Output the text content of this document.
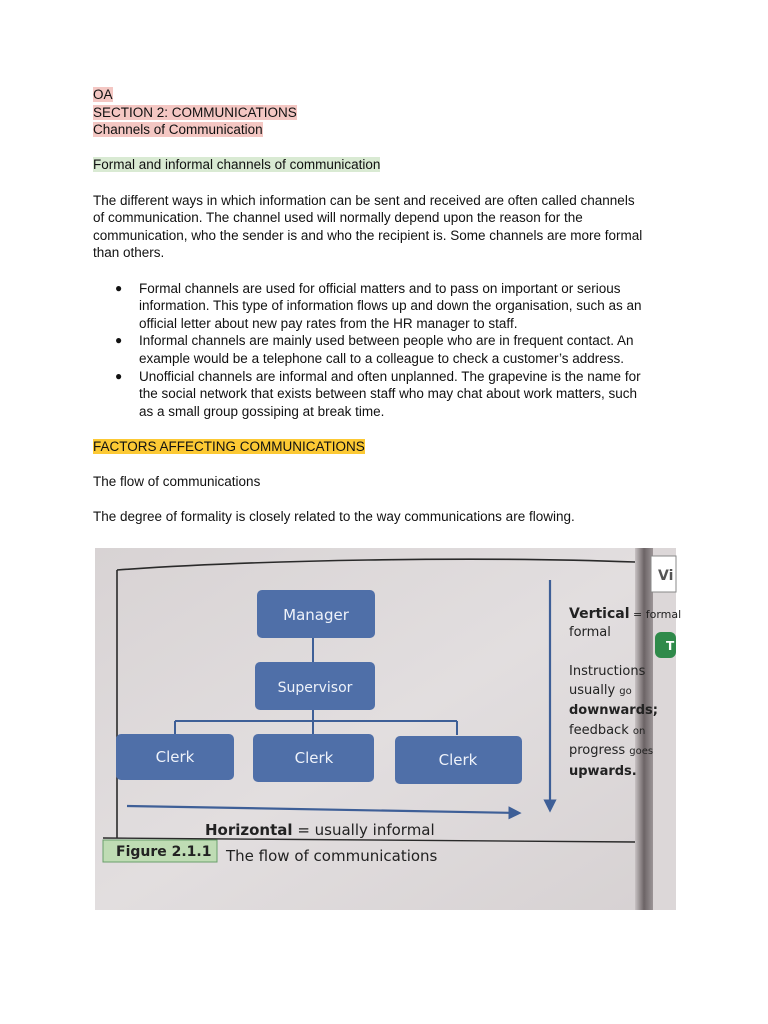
OA
SECTION 2: COMMUNICATIONS
Channels of Communication
Formal and informal channels of communication

The different ways in which information can be sent and received are often called channels
of communication. The channel used will normally depend upon the reason for the
communication, who the sender is and who the recipient is. Some channels are more formal
than others.

● Formal channels are used for official matters and to pass on important or serious
information. This type of information flows up and down the organisation, such as an
official letter about new pay rates from the HR manager to staff.
● Informal channels are mainly used between people who are in frequent contact. An
example would be a telephone call to a colleague to check a customer’s address.
● Unofficial channels are informal and often unplanned. The grapevine is the name for
the social network that exists between staff who may chat about work matters, such
as a small group gossiping at break time.
FACTORS AFFECTING COMMUNICATIONS
The flow of communications
The degree of formality is closely related to the way communications are flowing.
Manager
Supervisor
Clerk	Clerk	Clerk
Vertical = formal
formal
Instructions
usually go
downwards;
feedback on
progress goes
upwards.
Horizontal = usually informal
Figure 2.1.1 The flow of communications
Vi
T
